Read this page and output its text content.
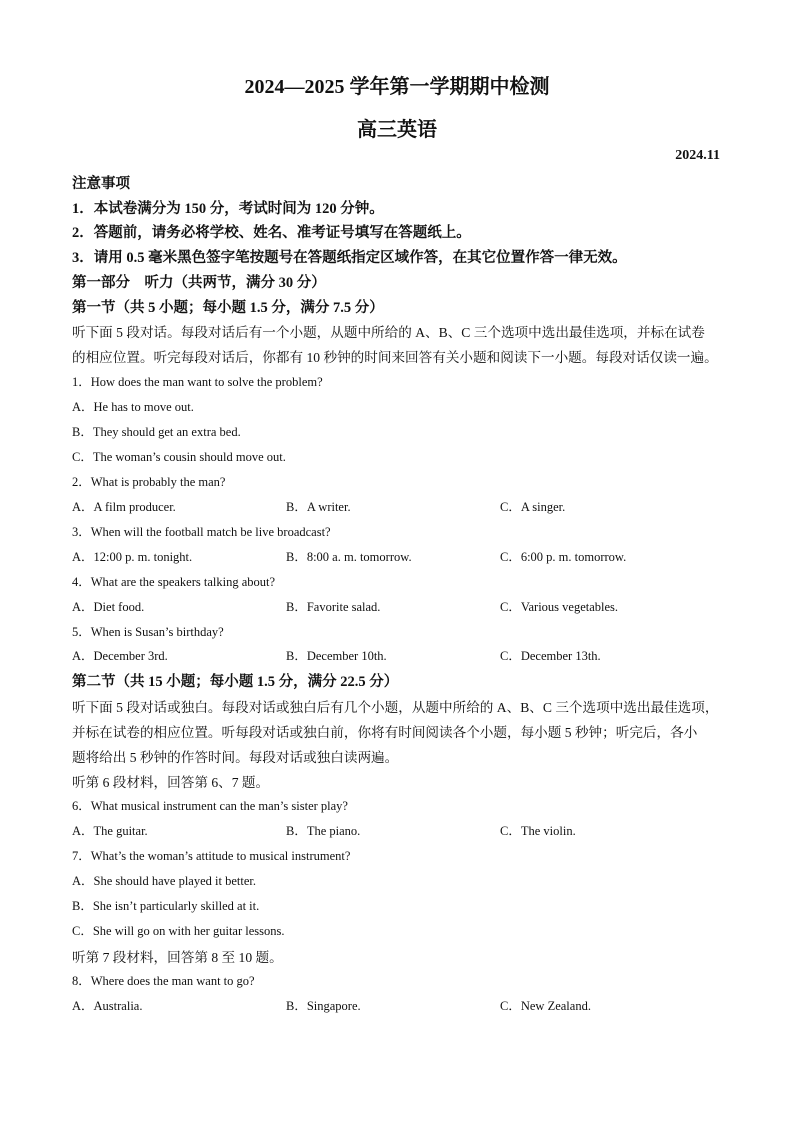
2024—2025 学年第一学期期中检测
高三英语
2024.11
注意事项
1．本试卷满分为 150 分，考试时间为 120 分钟。
2．答题前，请务必将学校、姓名、准考证号填写在答题纸上。
3．请用 0.5 毫米黑色签字笔按题号在答题纸指定区域作答，在其它位置作答一律无效。
第一部分　听力（共两节，满分 30 分）
第一节（共 5 小题；每小题 1.5 分，满分 7.5 分）
听下面 5 段对话。每段对话后有一个小题，从题中所给的 A、B、C 三个选项中选出最佳选项，并标在试卷
的相应位置。听完每段对话后，你都有 10 秒钟的时间来回答有关小题和阅读下一小题。每段对话仅读一遍。
1．How does the man want to solve the problem?
A．He has to move out.
B．They should get an extra bed.
C．The woman’s cousin should move out.
2．What is probably the man?
A．A film producer.	B．A writer.	C．A singer.
3．When will the football match be live broadcast?
A．12:00 p. m. tonight.	B．8:00 a. m. tomorrow.	C．6:00 p. m. tomorrow.
4．What are the speakers talking about?
A．Diet food.	B．Favorite salad.	C．Various vegetables.
5．When is Susan’s birthday?
A．December 3rd.	B．December 10th.	C．December 13th.
第二节（共 15 小题；每小题 1.5 分，满分 22.5 分）
听下面 5 段对话或独白。每段对话或独白后有几个小题，从题中所给的 A、B、C 三个选项中选出最佳选项，
并标在试卷的相应位置。听每段对话或独白前，你将有时间阅读各个小题，每小题 5 秒钟；听完后，各小
题将给出 5 秒钟的作答时间。每段对话或独白读两遍。
听第 6 段材料，回答第 6、7 题。
6．What musical instrument can the man’s sister play?
A．The guitar.	B．The piano.	C．The violin.
7．What’s the woman’s attitude to musical instrument?
A．She should have played it better.
B．She isn’t particularly skilled at it.
C．She will go on with her guitar lessons.
听第 7 段材料，回答第 8 至 10 题。
8．Where does the man want to go?
A．Australia.	B．Singapore.	C．New Zealand.
